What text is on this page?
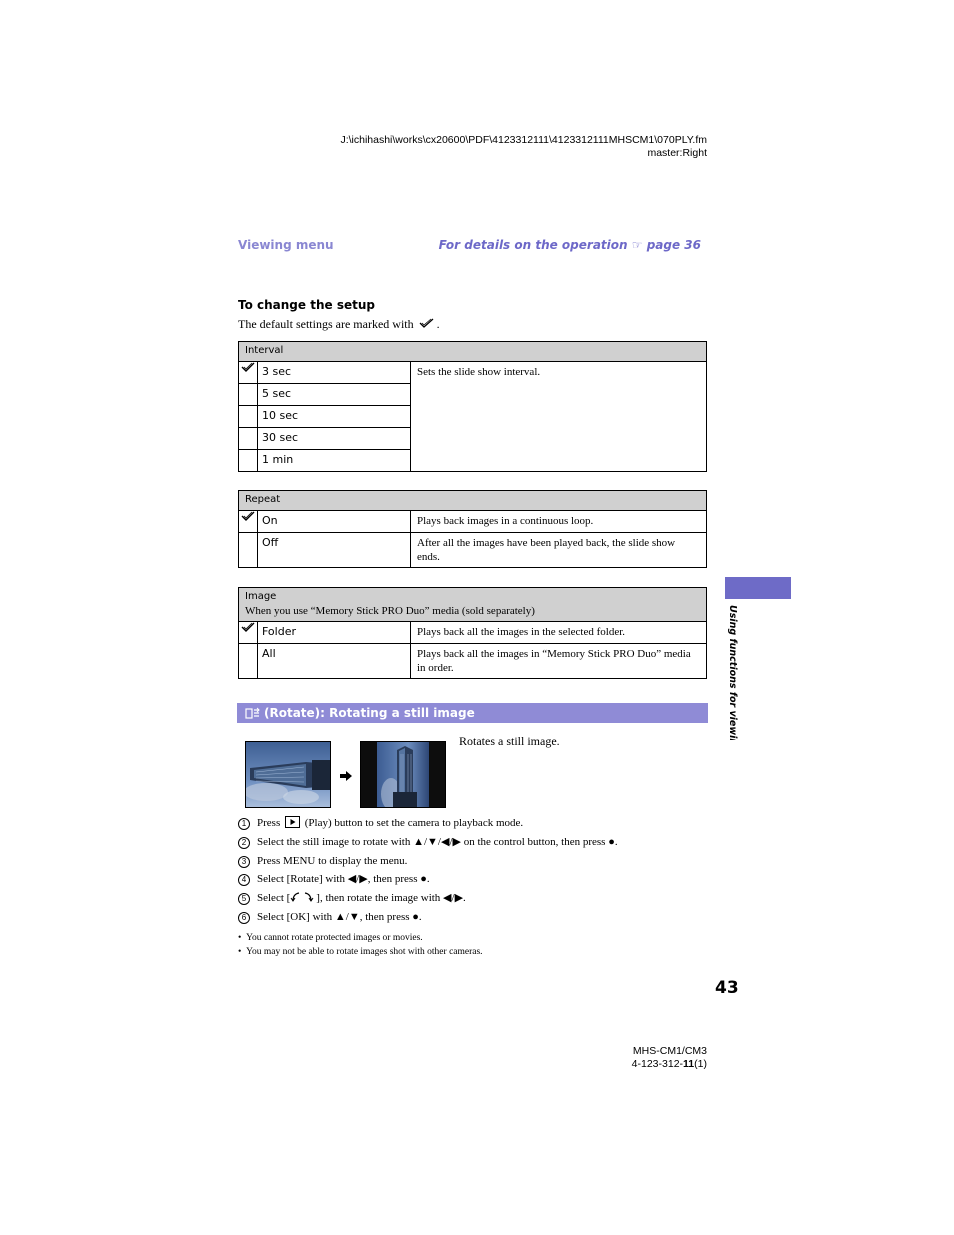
J:\ichihashi\works\cx20600\PDF\4123312111\4123312111MHSCM1\070PLY.fm
master:Right
Viewing menu	For details on the operation ☞ page 36
To change the setup
The default settings are marked with .
Interval		
	3 sec	Sets the slide show interval.
	5 sec	
	10 sec	
	30 sec	
	1 min	
Repeat		
	On	Plays back images in a continuous loop.
	Off	After all the images have been played back, the slide show ends.
Image
When you use “Memory Stick PRO Duo” media (sold separately)		

	Folder	Plays back all the images in the selected folder.
	All	Plays back all the images in “Memory Stick PRO Duo” media in order.
(Rotate): Rotating a still image
Rotates a still image.
1 Press (Play) button to set the camera to playback mode.
2 Select the still image to rotate with ▲/▼/◀/▶ on the control button, then press ●.
3 Press MENU to display the menu.
4 Select [Rotate] with ◀/▶, then press ●.
5 Select [ ], then rotate the image with ◀/▶.
6 Select [OK] with ▲/▼, then press ●.
•  You cannot rotate protected images or movies.
•  You may not be able to rotate images shot with other cameras.
Using functions for viewing
43
MHS-CM1/CM3
4-123-312-11(1)
